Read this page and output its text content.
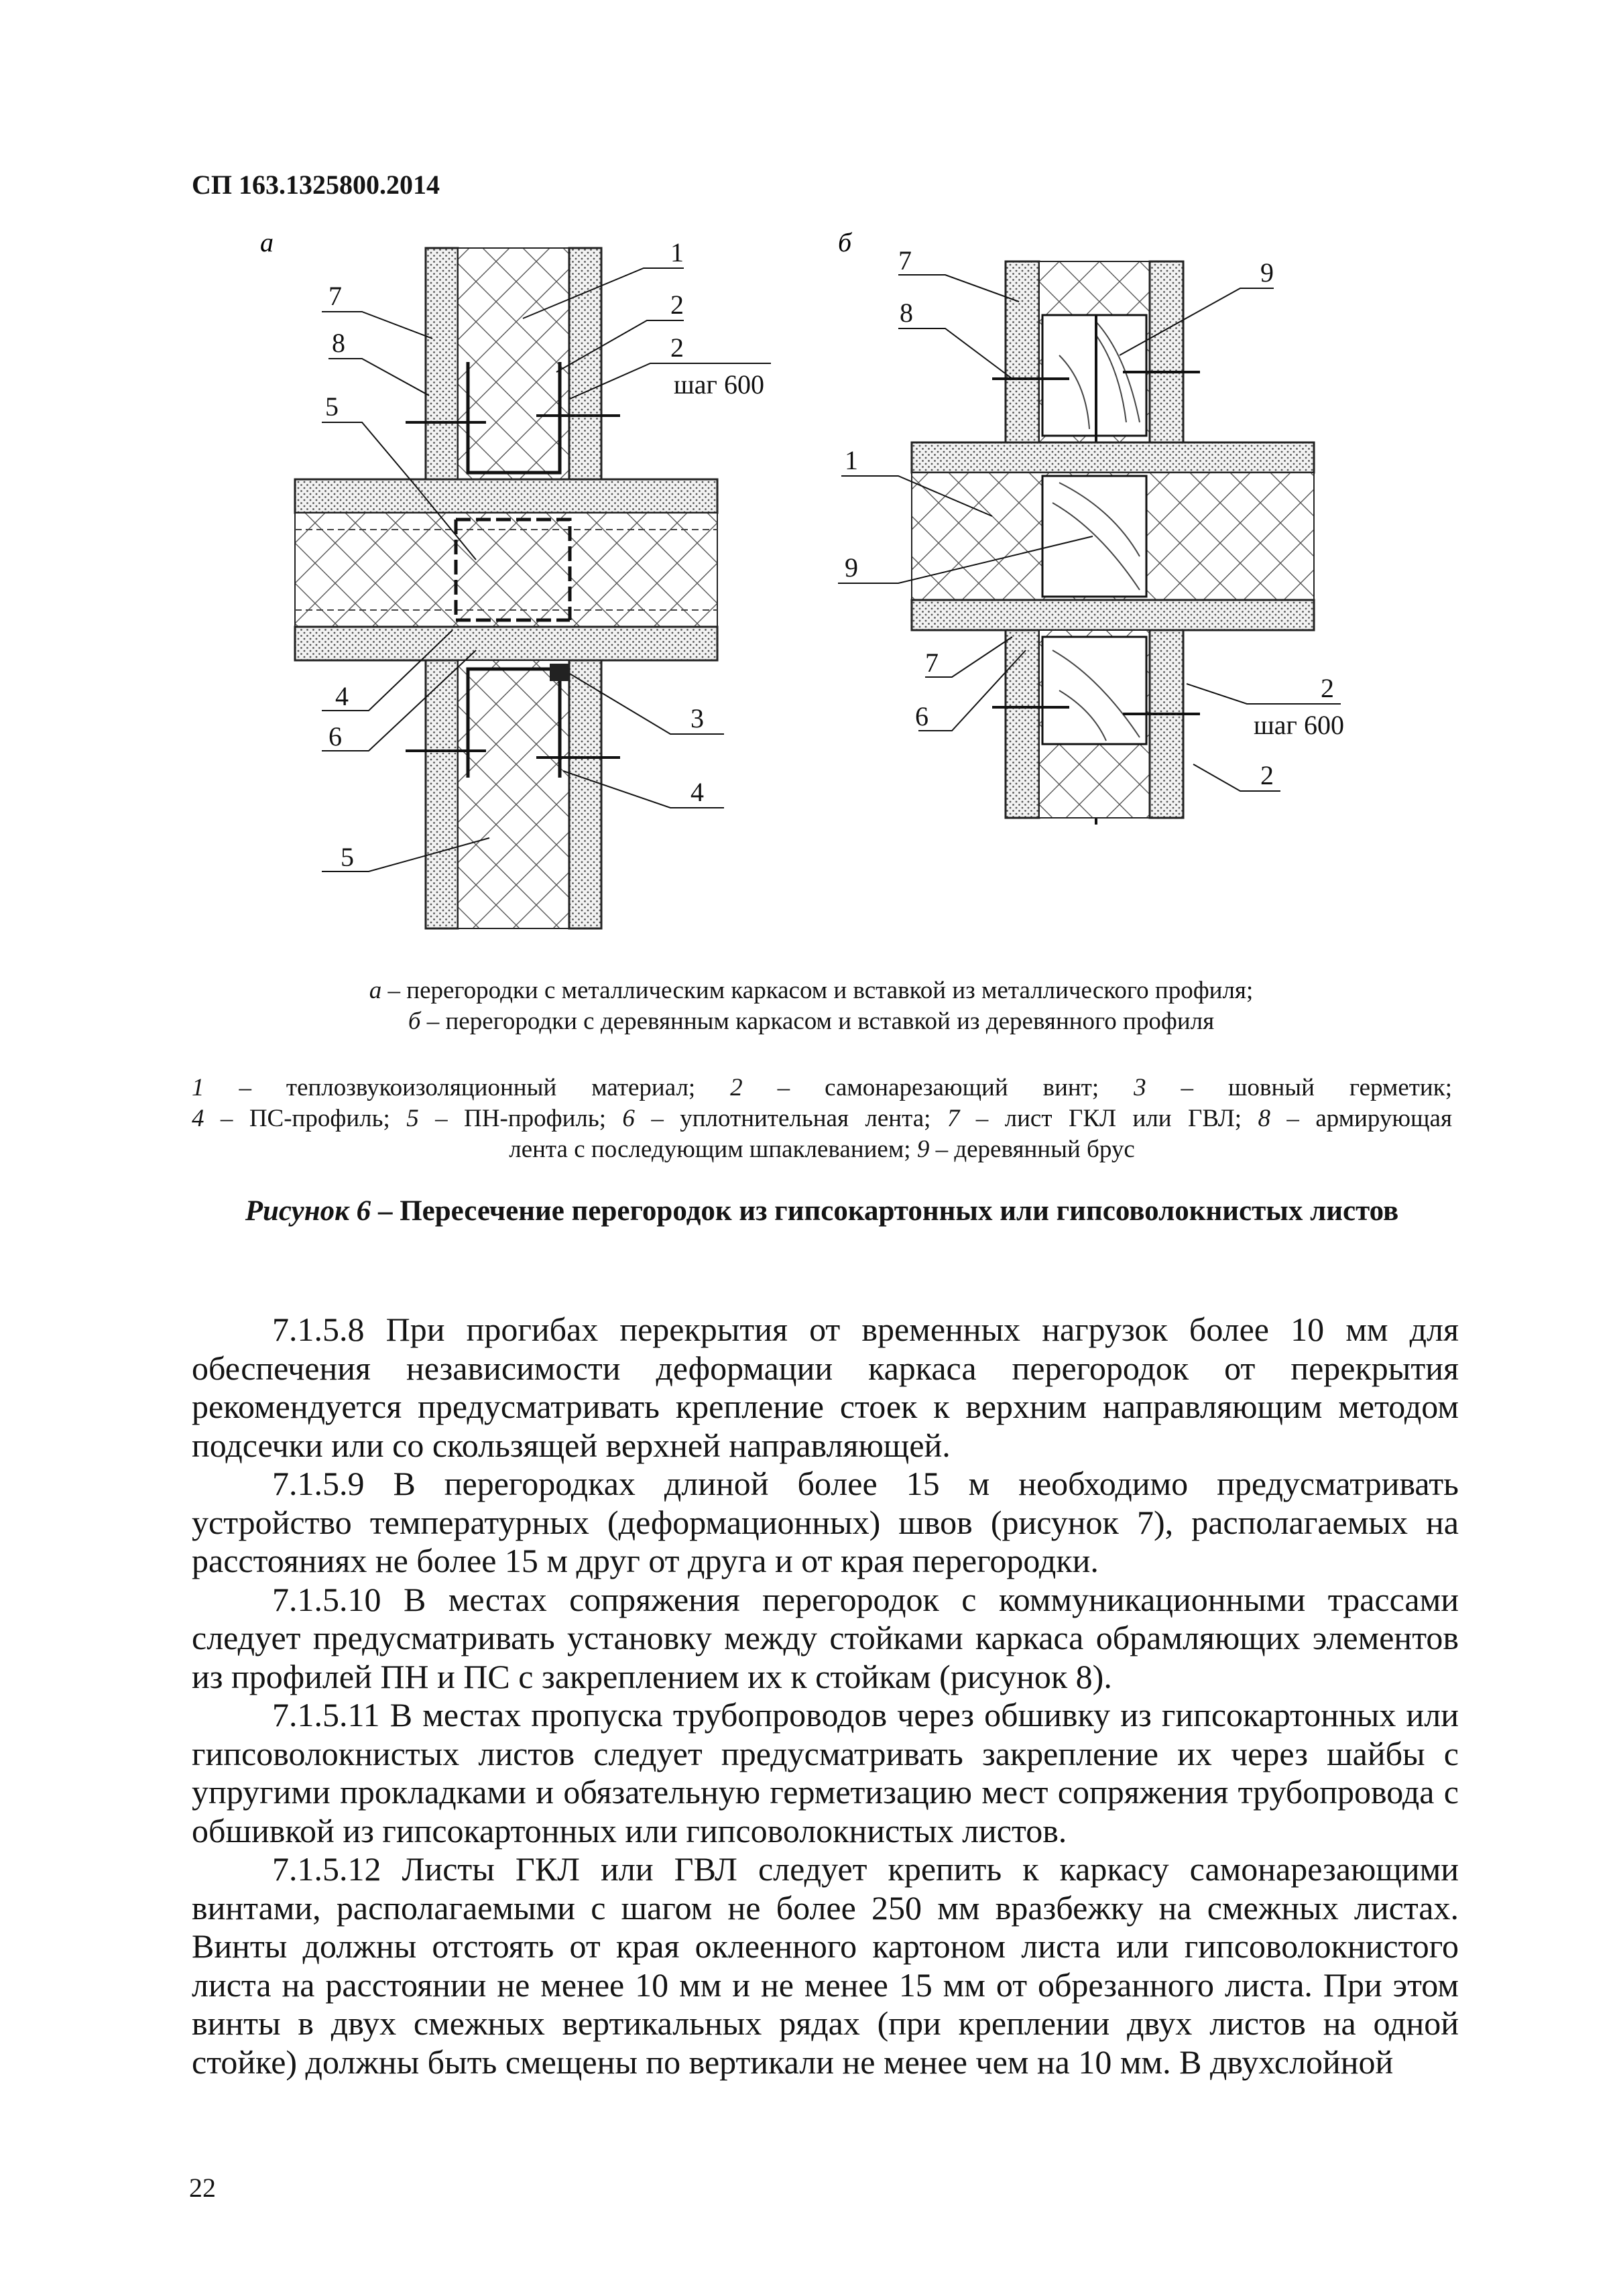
СП 163.1325800.2014
а
7
8
5
1
2
2
шаг 600
4
6
5
3
4
б
7
8
1
9
9
7
6
2
шаг 600
2
а – перегородки с металлическим каркасом и вставкой из металлического профиля;
б – перегородки с деревянным каркасом и вставкой из деревянного профиля
1 – теплозвукоизоляционный материал; 2 – самонарезающий винт; 3 – шовный герметик;
4 – ПС-профиль; 5 – ПН-профиль; 6 – уплотнительная лента; 7 – лист ГКЛ или ГВЛ; 8 – армирующая
лента с последующим шпаклеванием; 9 – деревянный брус
Рисунок 6 – Пересечение перегородок из гипсокартонных или гипсоволокнистых листов

7.1.5.8 При прогибах перекрытия от временных нагрузок более 10 мм для обеспечения независимости деформации каркаса перегородок от перекрытия рекомендуется предусматривать крепление стоек к верхним направляющим методом подсечки или со скользящей верхней направляющей.

7.1.5.9 В перегородках длиной более 15 м необходимо предусматривать устройство температурных (деформационных) швов (рисунок 7), располагаемых на расстояниях не более 15 м друг от друга и от края перегородки.

7.1.5.10 В местах сопряжения перегородок с коммуникационными трассами следует предусматривать установку между стойками каркаса обрамляющих элементов из профилей ПН и ПС с закреплением их к стойкам (рисунок 8).

7.1.5.11 В местах пропуска трубопроводов через обшивку из гипсокартонных или гипсоволокнистых листов следует предусматривать закрепление их через шайбы с упругими прокладками и обязательную герметизацию мест сопряжения трубопровода с обшивкой из гипсокартонных или гипсоволокнистых листов.

7.1.5.12 Листы ГКЛ или ГВЛ следует крепить к каркасу самонарезающими винтами, располагаемыми с шагом не более 250 мм вразбежку на смежных листах. Винты должны отстоять от края оклеенного картоном листа или гипсоволокнистого листа на расстоянии не менее 10 мм и не менее 15 мм от обрезанного листа. При этом винты в двух смежных вертикальных рядах (при креплении двух листов на одной стойке) должны быть смещены по вертикали не менее чем на 10 мм. В двухслойной

22
